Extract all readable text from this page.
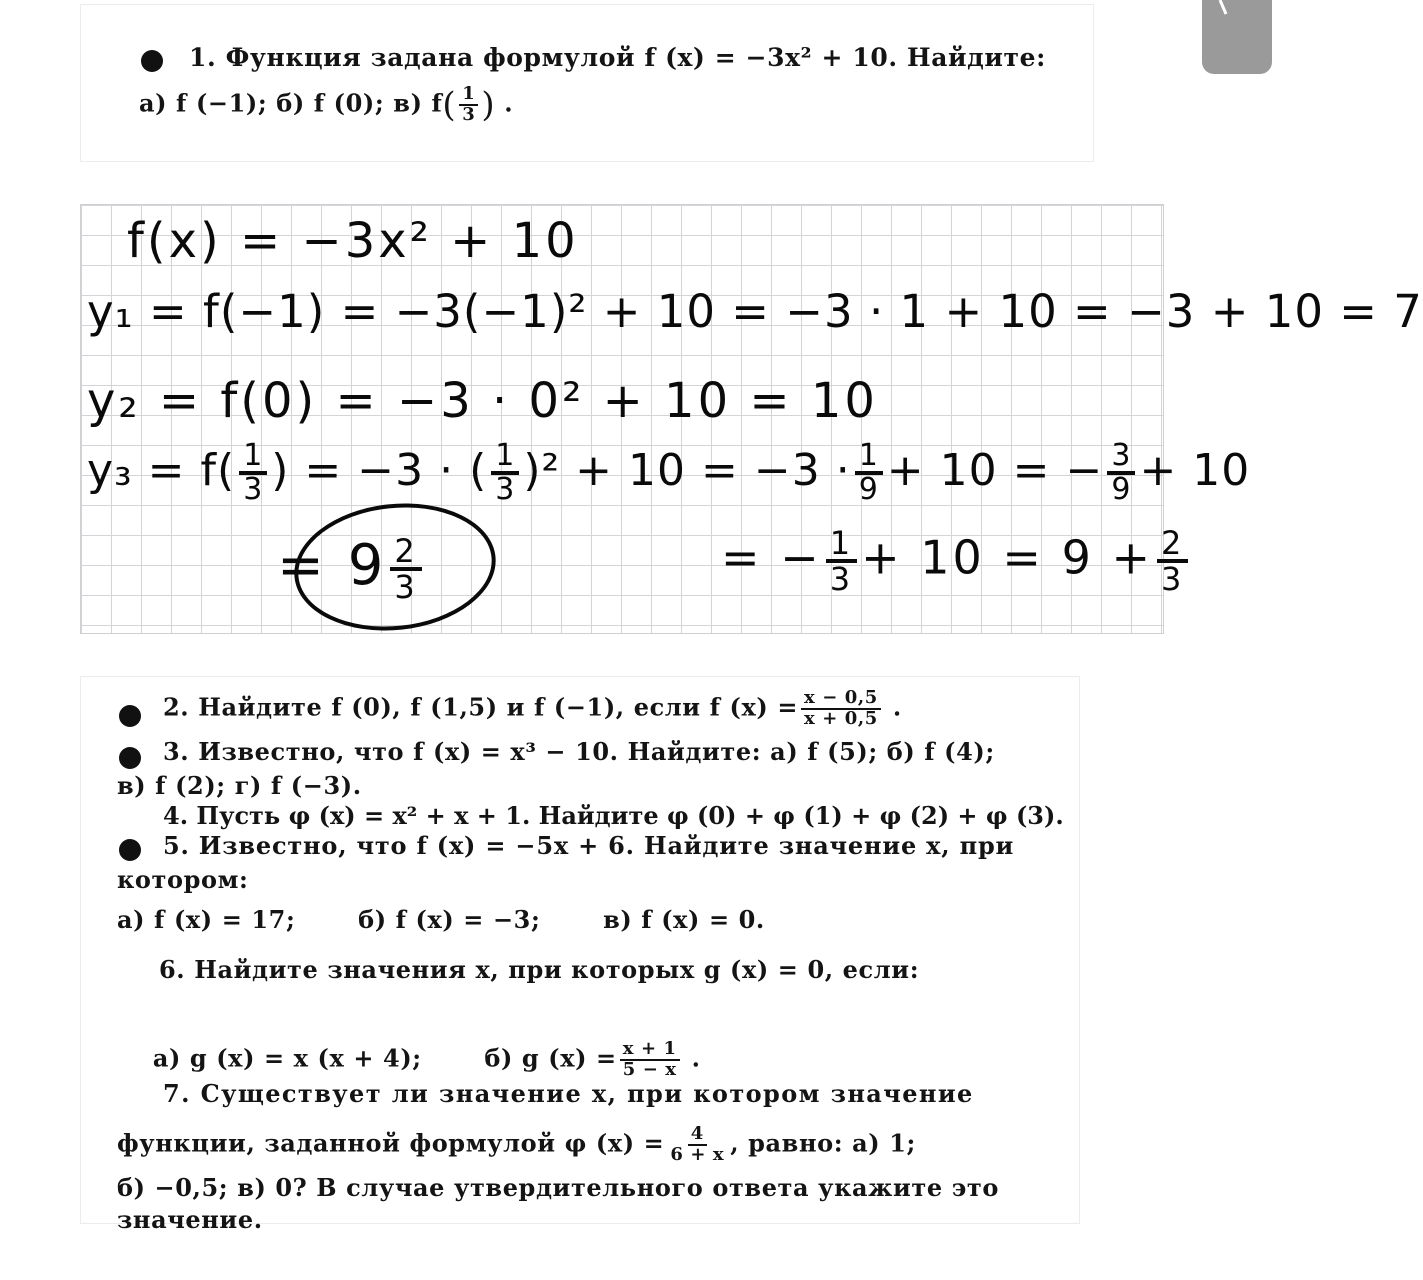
1. Функция задана формулой f (x) = −3x² + 10. Найдите:
а) f (−1); б) f (0); в) $f( \frac{1}{3}$ ) .
f(x) = −3x² + 10
y₁ = f(−1) = −3(−1)² + 10 = −3 · 1 + 10 = −3 + 10 = 7
y₂ = f(0) = −3 · 0² + 10 = 10
$y_3 = f( \frac{1}{3}$ ) = −3 · ( $\frac{1}{3} )^2 + 10 = -3 \cdot \frac{1}{9} + 10$ = − $\frac{3}{9} + 10$
= $9 \frac{2}{3}$	= − $\frac{1}{3} + 10 = 9 + \frac{2}{3}$
2. Найдите f (0), f (1,5) и f (−1), если f $(x) = \frac{x - 0,5}{x + 0,5}$ .
3. Известно, что f (x) = x³ − 10. Найдите: а) f (5); б) f (4);
в) f (2); г) f (−3).
4. Пусть φ (x) = x² + x + 1. Найдите φ (0) + φ (1) + φ (2) + φ (3).
5. Известно, что f (x) = −5x + 6. Найдите значение x, при
котором:
а) f (x) = 17;       б) f (x) = −3;       в) f (x) = 0.
6. Найдите значения x, при которых g (x) = 0, если:

а) g (x) = x (x + 4);       б) g $(x) = \frac{x + 1}{5 - x}$ .

7. Существует ли значение x, при котором значение
функции, заданной формулой φ $(x) = \frac{4}{6 + x}$ , равно: а) 1;
б) −0,5; в) 0? В случае утвердительного ответа укажите это
значение.
